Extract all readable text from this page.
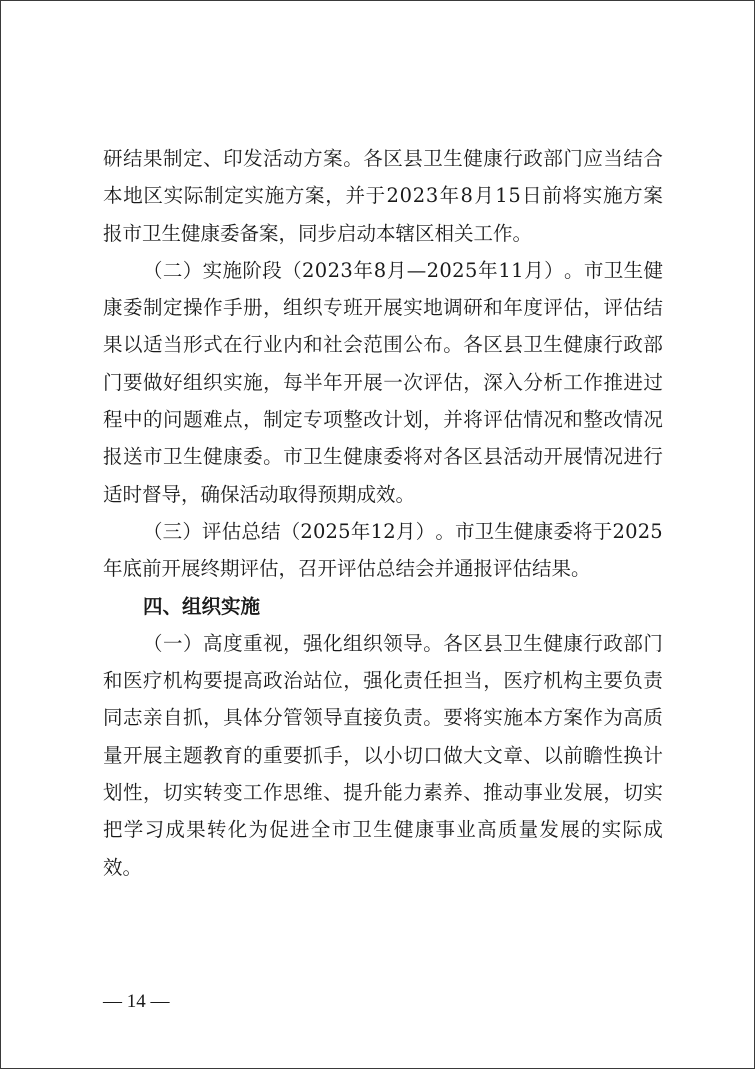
研 结 果 制 定 、 印 发 活 动 方 案 。 各 区 县 卫 生 健 康 行 政 部 门 应 当 结 合
本 地 区 实 际 制 定 实 施 方 案 ， 并 于 2 0 2 3 年 8 月 1 5 日 前 将 实 施 方 案
报市卫生健康委备案，同步启动本辖区相关工作。
（ 二 ） 实 施 阶 段 （ 2 0 2 3 年 8 月 — 2 0 2 5 年 1 1 月 ） 。 市 卫 生 健
康 委 制 定 操 作 手 册 ， 组 织 专 班 开 展 实 地 调 研 和 年 度 评 估 ， 评 估 结
果 以 适 当 形 式 在 行 业 内 和 社 会 范 围 公 布 。 各 区 县 卫 生 健 康 行 政 部
门 要 做 好 组 织 实 施 ， 每 半 年 开 展 一 次 评 估 ， 深 入 分 析 工 作 推 进 过
程 中 的 问 题 难 点 ， 制 定 专 项 整 改 计 划 ， 并 将 评 估 情 况 和 整 改 情 况
报 送 市 卫 生 健 康 委 。 市 卫 生 健 康 委 将 对 各 区 县 活 动 开 展 情 况 进 行
适时督导，确保活动取得预期成效。
（ 三 ） 评 估 总 结 （ 2 0 2 5 年 1 2 月 ） 。 市 卫 生 健 康 委 将 于 2 0 2 5
年底前开展终期评估，召开评估总结会并通报评估结果。
四、组织实施
（ 一 ） 高 度 重 视 ， 强 化 组 织 领 导 。 各 区 县 卫 生 健 康 行 政 部 门
和 医 疗 机 构 要 提 高 政 治 站 位 ， 强 化 责 任 担 当 ， 医 疗 机 构 主 要 负 责
同 志 亲 自 抓 ， 具 体 分 管 领 导 直 接 负 责 。 要 将 实 施 本 方 案 作 为 高 质
量 开 展 主 题 教 育 的 重 要 抓 手 ， 以 小 切 口 做 大 文 章 、 以 前 瞻 性 换 计
划 性 ， 切 实 转 变 工 作 思 维 、 提 升 能 力 素 养 、 推 动 事 业 发 展 ， 切 实
把 学 习 成 果 转 化 为 促 进 全 市 卫 生 健 康 事 业 高 质 量 发 展 的 实 际 成
效。
— 14 —
